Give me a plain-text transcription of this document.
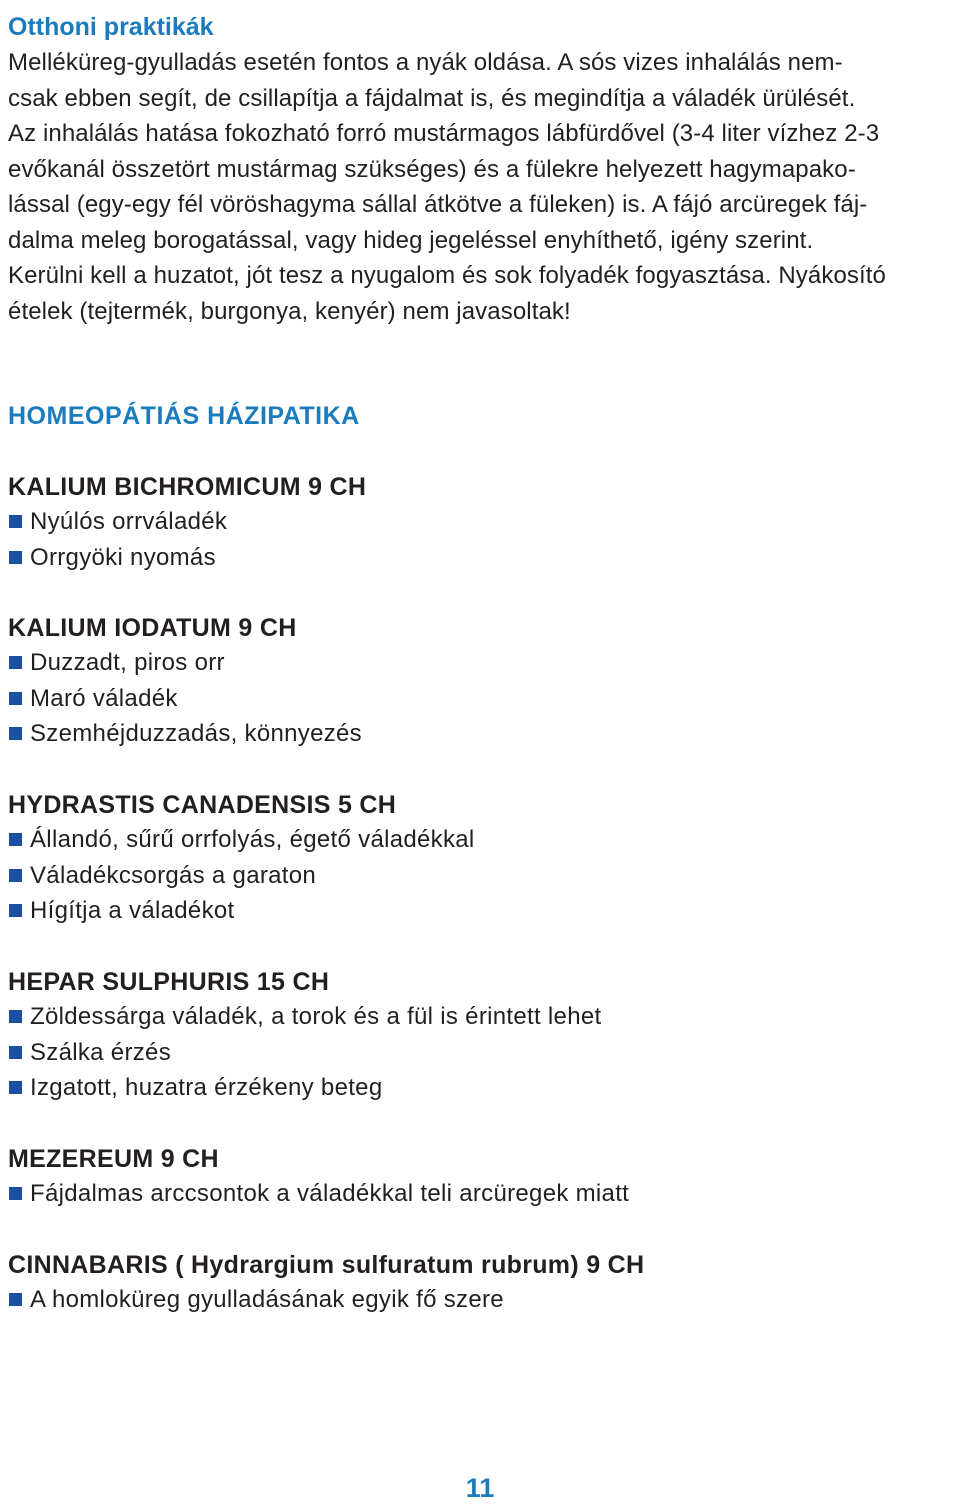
Otthoni praktikák
Melléküreg-gyulladás esetén fontos a nyák oldása. A sós vizes inhalálás nem-
csak ebben segít, de csillapítja a fájdalmat is, és megindítja a váladék ürülését.
Az inhalálás hatása fokozható forró mustármagos lábfürdővel (3-4 liter vízhez 2-3
evőkanál összetört mustármag szükséges) és a fülekre helyezett hagymapako-
lással (egy-egy fél vöröshagyma sállal átkötve a füleken) is. A fájó arcüregek fáj-
dalma meleg borogatással, vagy hideg jegeléssel enyhíthető, igény szerint.
Kerülni kell a huzatot, jót tesz a nyugalom és sok folyadék fogyasztása. Nyákosító
ételek (tejtermék, burgonya, kenyér) nem javasoltak!
HOMEOPÁTIÁS HÁZIPATIKA
KALIUM BICHROMICUM 9 CH
Nyúlós orrváladék
Orrgyöki nyomás
KALIUM IODATUM 9 CH
Duzzadt, piros orr
Maró váladék
Szemhéjduzzadás, könnyezés
HYDRASTIS CANADENSIS 5 CH
Állandó, sűrű orrfolyás, égető váladékkal
Váladékcsorgás a garaton
Hígítja a váladékot
HEPAR SULPHURIS 15 CH
Zöldessárga váladék, a torok és a fül is érintett lehet
Szálka érzés
Izgatott, huzatra érzékeny beteg
MEZEREUM 9 CH
Fájdalmas arccsontok a váladékkal teli arcüregek miatt
CINNABARIS ( Hydrargium sulfuratum rubrum) 9 CH
A homloküreg gyulladásának egyik fő szere
11
